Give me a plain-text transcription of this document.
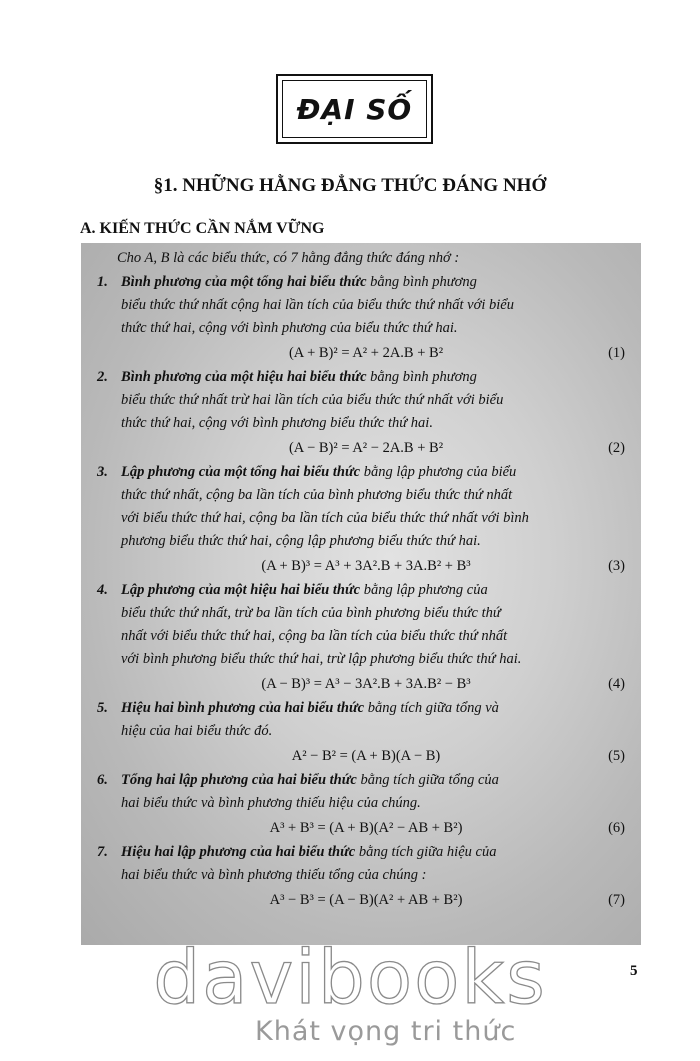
ĐẠI SỐ
§1. NHỮNG HẰNG ĐẲNG THỨC ĐÁNG NHỚ
A. KIẾN THỨC CẦN NẮM VỮNG
Cho A, B là các biểu thức, có 7 hằng đẳng thức đáng nhớ :
1. Bình phương của một tổng hai biểu thức bằng bình phương
biểu thức thứ nhất cộng hai lần tích của biểu thức thứ nhất với biểu
thức thứ hai, cộng với bình phương của biểu thức thứ hai.
(A + B)² = A² + 2A.B + B²	(1)
2. Bình phương của một hiệu hai biểu thức bằng bình phương
biểu thức thứ nhất trừ hai lần tích của biểu thức thứ nhất với biểu
thức thứ hai, cộng với bình phương biểu thức thứ hai.
(A − B)² = A² − 2A.B + B²	(2)
3. Lập phương của một tổng hai biểu thức bằng lập phương của biểu
thức thứ nhất, cộng ba lần tích của bình phương biểu thức thứ nhất
với biểu thức thứ hai, cộng ba lần tích của biểu thức thứ nhất với bình
phương biểu thức thứ hai, cộng lập phương biểu thức thứ hai.
(A + B)³ = A³ + 3A².B + 3A.B² + B³	(3)
4. Lập phương của một hiệu hai biểu thức bằng lập phương của
biểu thức thứ nhất, trừ ba lần tích của bình phương biểu thức thứ
nhất với biểu thức thứ hai, cộng ba lần tích của biểu thức thứ nhất
với bình phương biểu thức thứ hai, trừ lập phương biểu thức thứ hai.
(A − B)³ = A³ − 3A².B + 3A.B² − B³	(4)
5. Hiệu hai bình phương của hai biểu thức bằng tích giữa tổng và
hiệu của hai biểu thức đó.
A² − B² = (A + B)(A − B)	(5)
6. Tổng hai lập phương của hai biểu thức bằng tích giữa tổng của
hai biểu thức và bình phương thiếu hiệu của chúng.
A³ + B³ = (A + B)(A² − AB + B²)	(6)
7. Hiệu hai lập phương của hai biểu thức bằng tích giữa hiệu của
hai biểu thức và bình phương thiếu tổng của chúng :
A³ − B³ = (A − B)(A² + AB + B²)	(7)
5
davibooks
Khát vọng tri thức
